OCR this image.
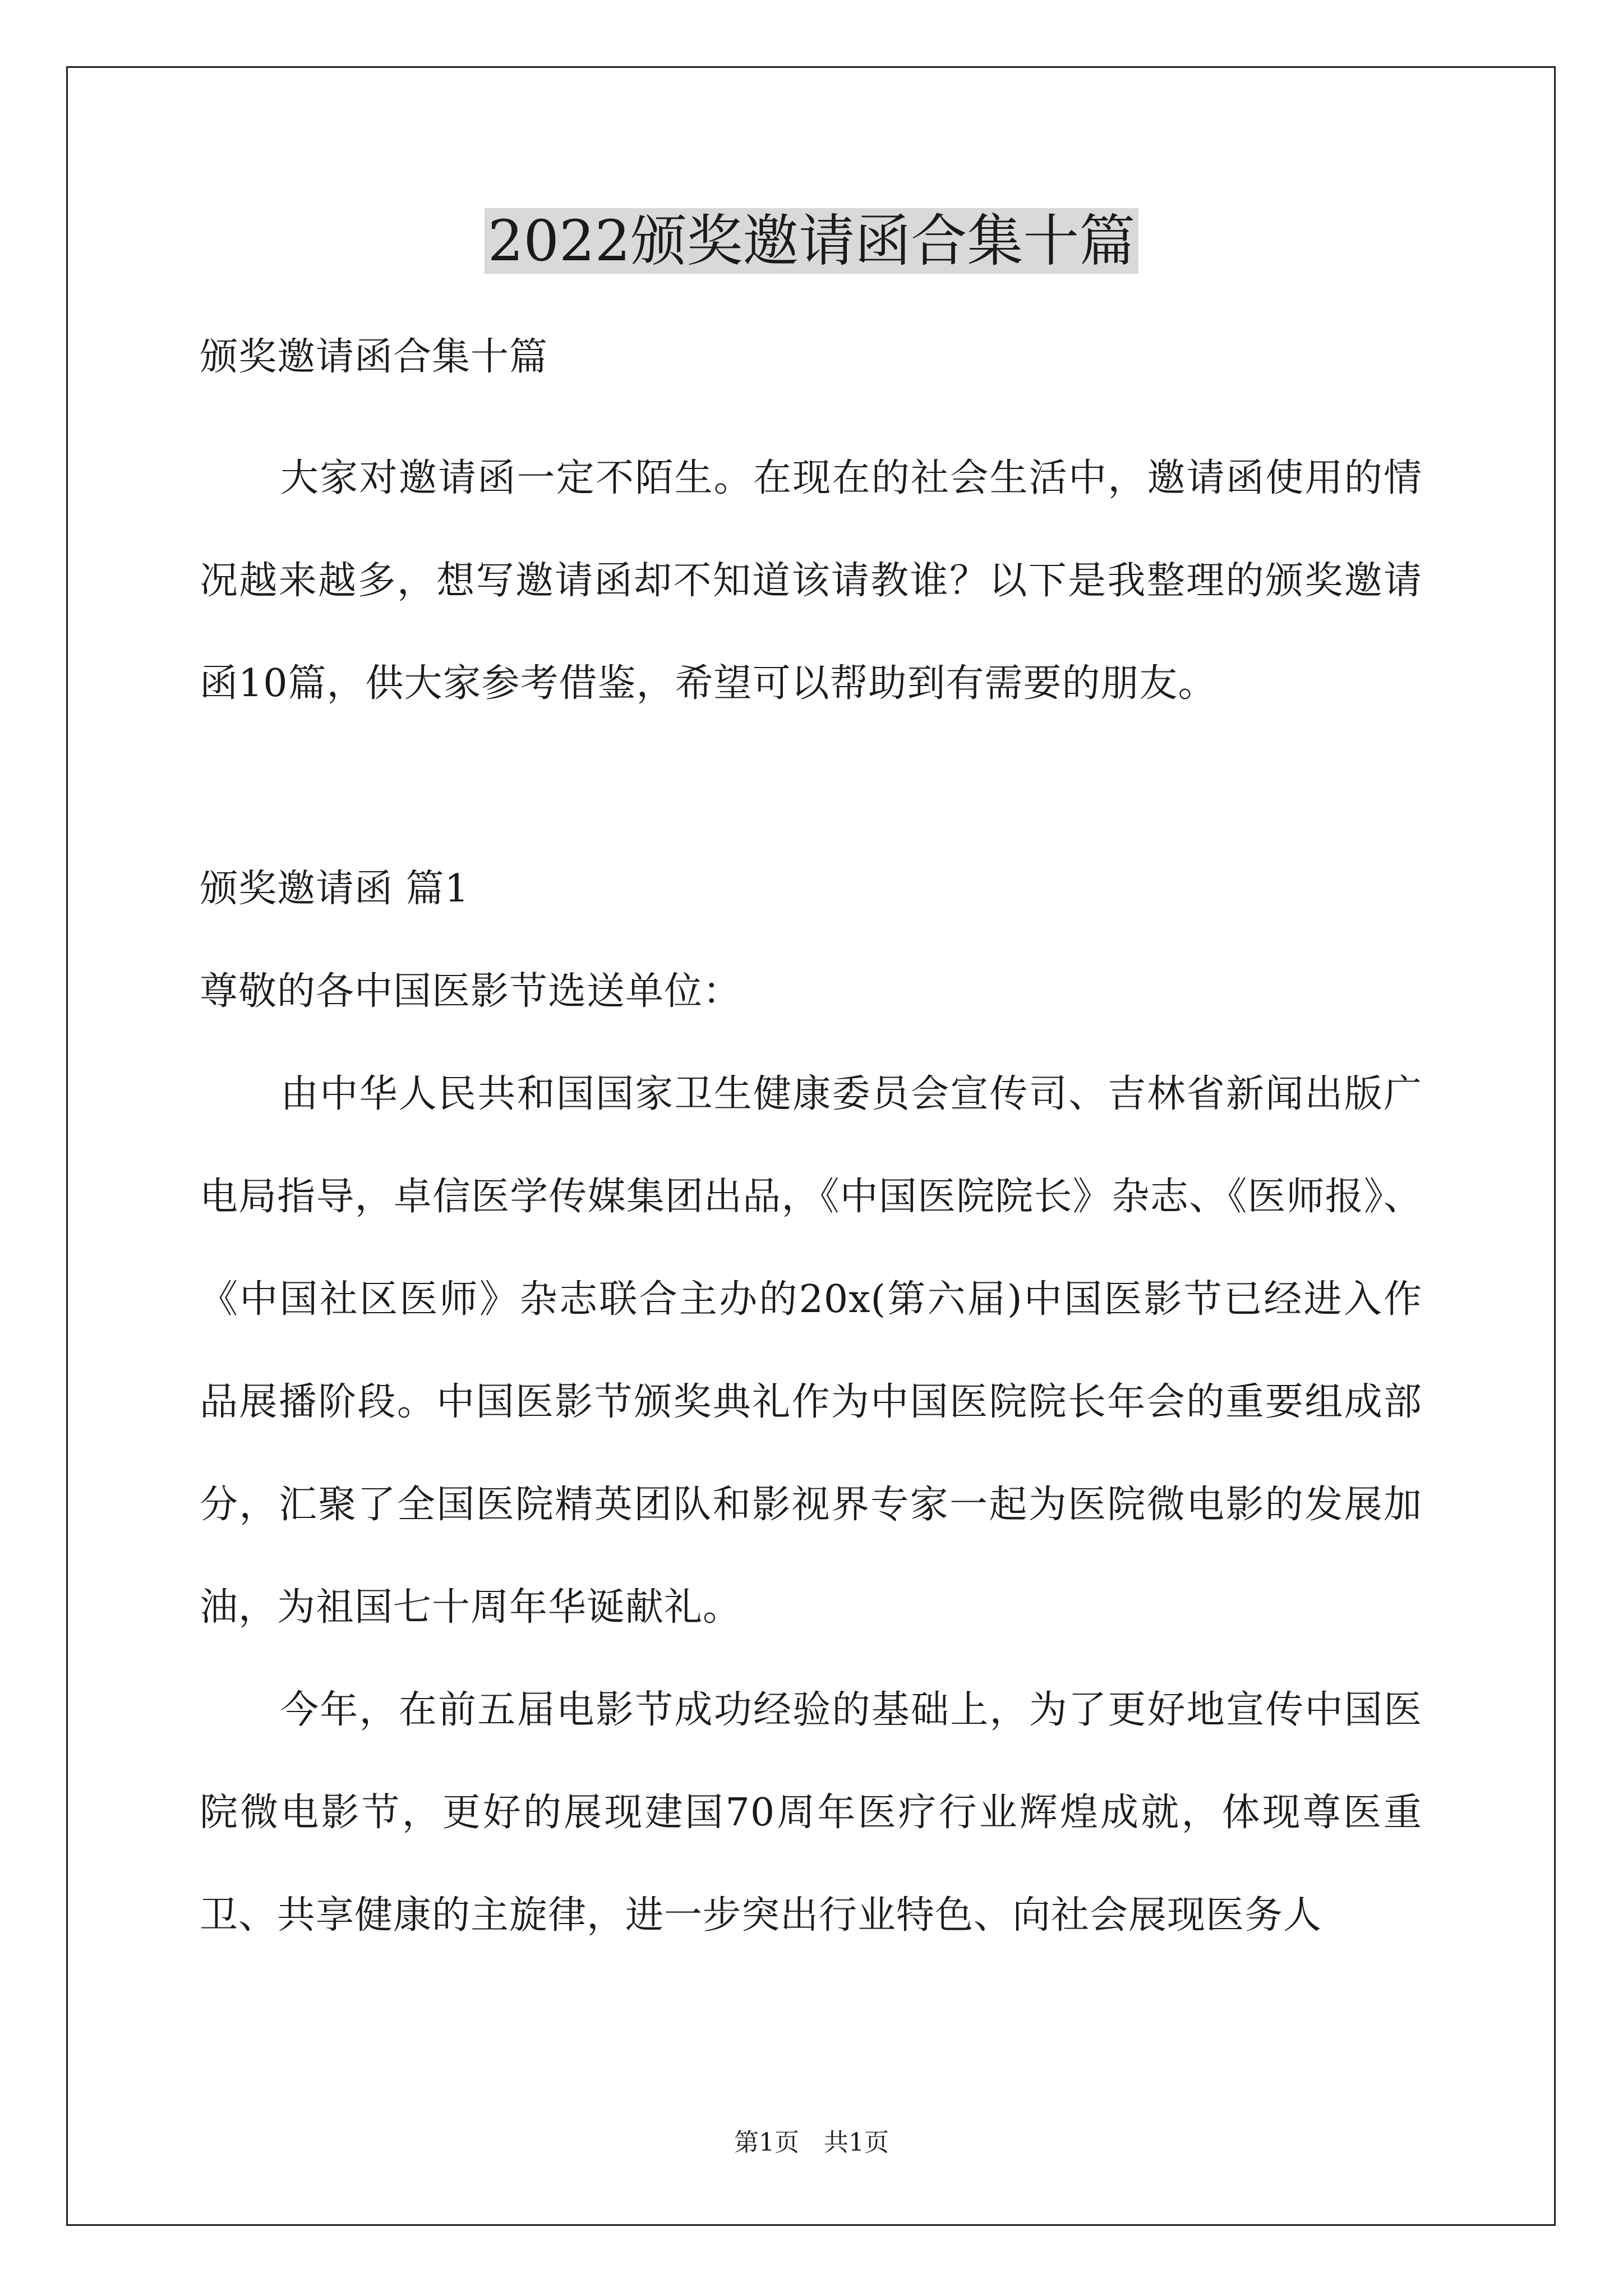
2022颁奖邀请函合集十篇

颁奖邀请函合集十篇

大家对邀请函一定不陌生。在现在的社会生活中，邀请函使用的情况越来越多，想写邀请函却不知道该请教谁？以下是我整理的颁奖邀请函10篇，供大家参考借鉴，希望可以帮助到有需要的朋友。

颁奖邀请函 篇1

尊敬的各中国医影节选送单位：

由中华人民共和国国家卫生健康委员会宣传司、吉林省新闻出版广电局指导，卓信医学传媒集团出品，《中国医院院长》杂志、《医师报》、《中国社区医师》杂志联合主办的20x(第六届)中国医影节已经进入作品展播阶段。中国医影节颁奖典礼作为中国医院院长年会的重要组成部分，汇聚了全国医院精英团队和影视界专家一起为医院微电影的发展加油，为祖国七十周年华诞献礼。

今年，在前五届电影节成功经验的基础上，为了更好地宣传中国医院微电影节，更好的展现建国70周年医疗行业辉煌成就，体现尊医重卫、共享健康的主旋律，进一步突出行业特色、向社会展现医务人

第1页　共1页
